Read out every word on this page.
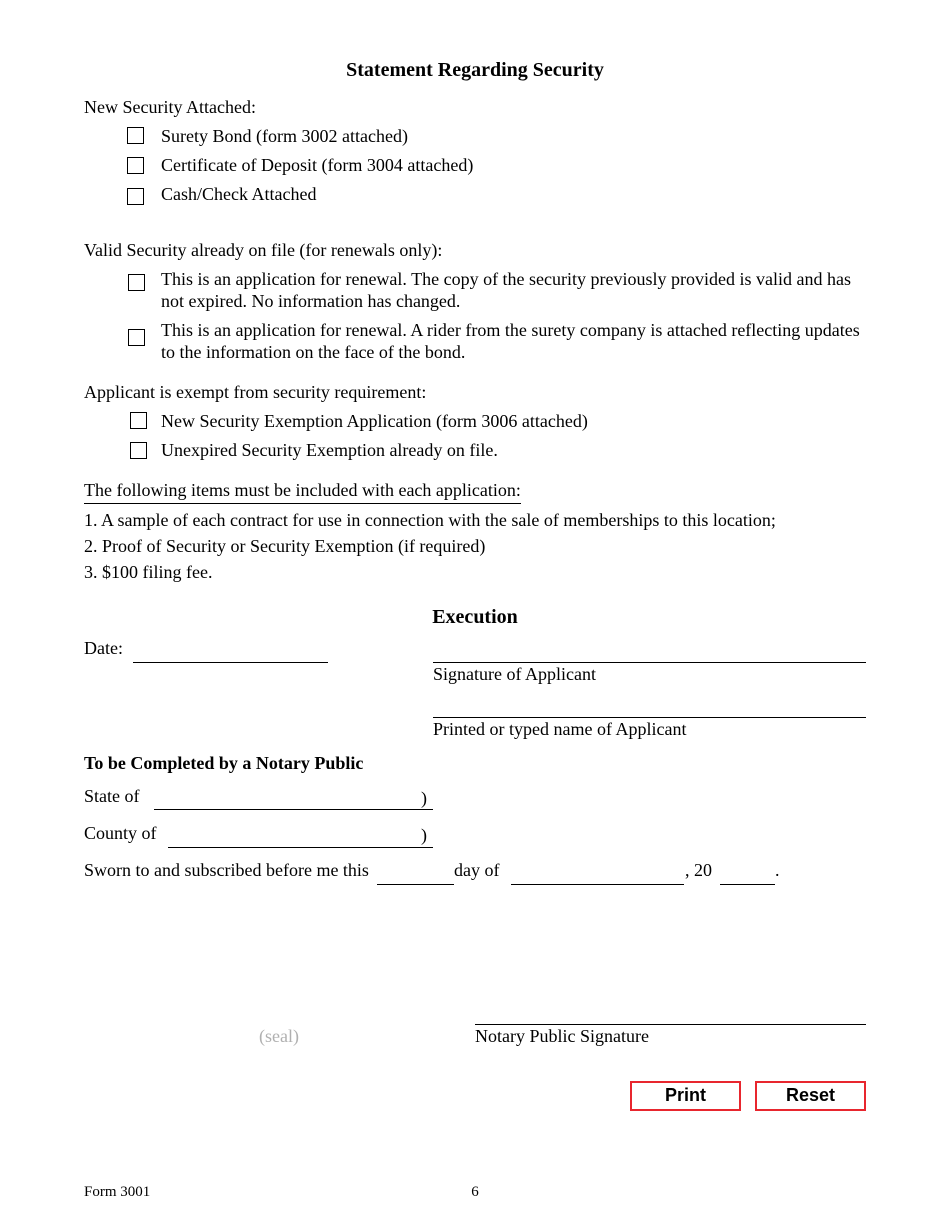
Statement Regarding Security
New Security Attached:
Surety Bond (form 3002 attached)
Certificate of Deposit (form 3004 attached)
Cash/Check Attached
Valid Security already on file (for renewals only):
This is an application for renewal. The copy of the security previously provided is valid and has not expired. No information has changed.
This is an application for renewal. A rider from the surety company is attached reflecting updates to the information on the face of the bond.
Applicant is exempt from security requirement:
New Security Exemption Application (form 3006 attached)
Unexpired Security Exemption already on file.
The following items must be included with each application:
1. A sample of each contract for use in connection with the sale of memberships to this location;
2. Proof of Security or Security Exemption (if required)
3. $100 filing fee.
Execution
Date:
Signature of Applicant
Printed or typed name of Applicant
To be Completed by a Notary Public
State of	)
County of	)
Sworn to and subscribed before me this	day of	, 20	.
(seal)	Notary Public Signature
Print	Reset
Form 3001	6
